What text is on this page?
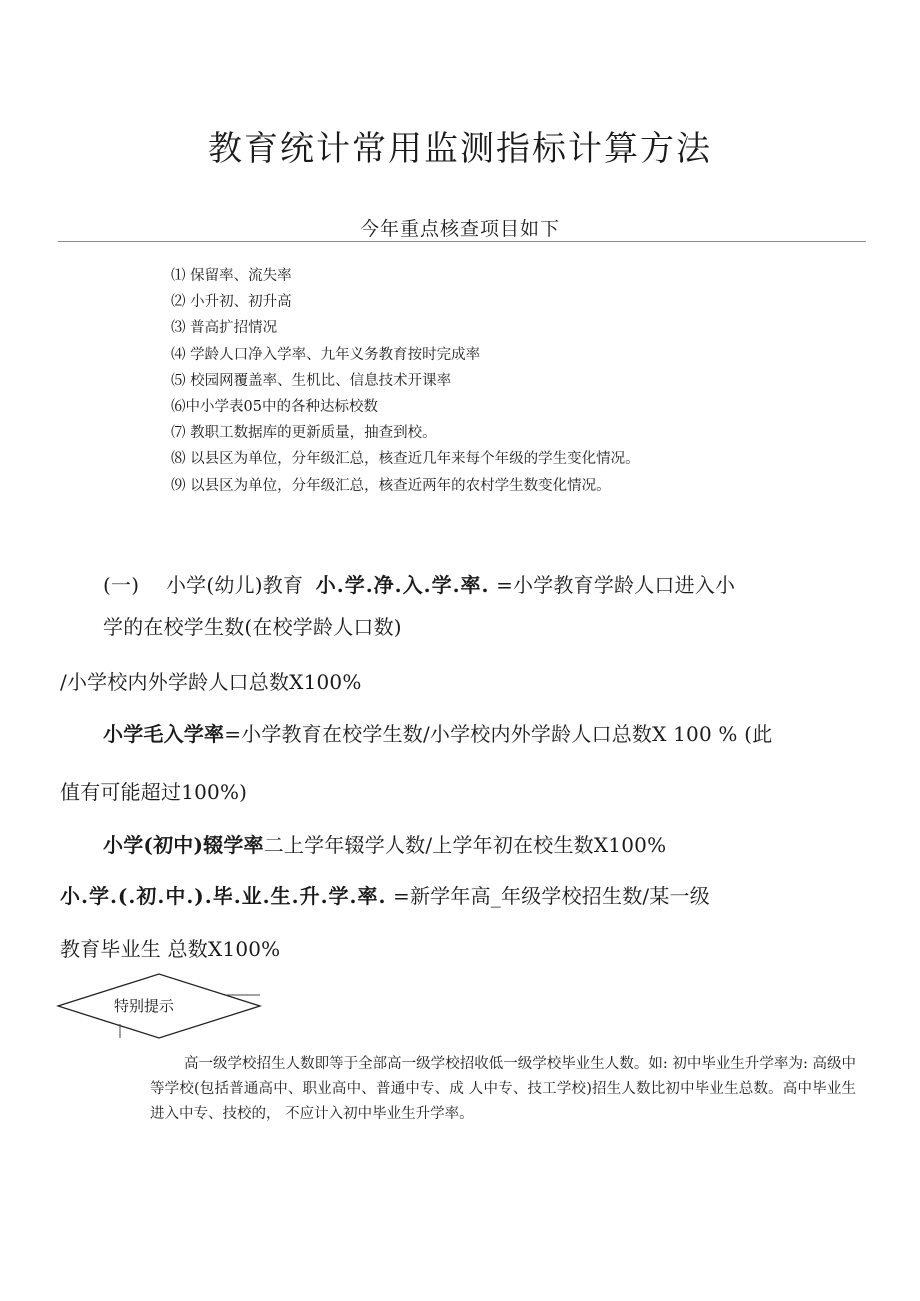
教育统计常用监测指标计算方法
今年重点核查项目如下
⑴ 保留率、流失率
⑵ 小升初、初升高
⑶ 普高扩招情况
⑷ 学龄人口净入学率、九年义务教育按时完成率
⑸ 校园网覆盖率、生机比、信息技术开课率
⑹中小学表05中的各种达标校数
⑺ 教职工数据库的更新质量，抽查到校。
⑻ 以县区为单位，分年级汇总，核查近几年来每个年级的学生变化情况。
⑼ 以县区为单位，分年级汇总，核查近两年的农村学生数变化情况。
(一)　 小学(幼儿)教育 小.学.净.入.学.率. =小学教育学龄人口进入小
学的在校学生数(在校学龄人口数)
/小学校内外学龄人口总数X100%
小学毛入学率=小学教育在校学生数/小学校内外学龄人口总数X 100 % (此
值有可能超过100%)
小学(初中)辍学率二上学年辍学人数/上学年初在校生数X100%
小.学.(.初.中.).毕.业.生.升.学.率. =新学年高_年级学校招生数/某一级
教育毕业生 总数X100%
特别提示

高一级学校招生人数即等于全部高一级学校招收低一级学校毕业生人数。如: 初中毕业生升学率为: 高级中等学校(包括普通高中、职业高中、普通中专、成 人中专、技工学校)招生人数比初中毕业生总数。高中毕业生进入中专、技校的， 不应计入初中毕业生升学率。
